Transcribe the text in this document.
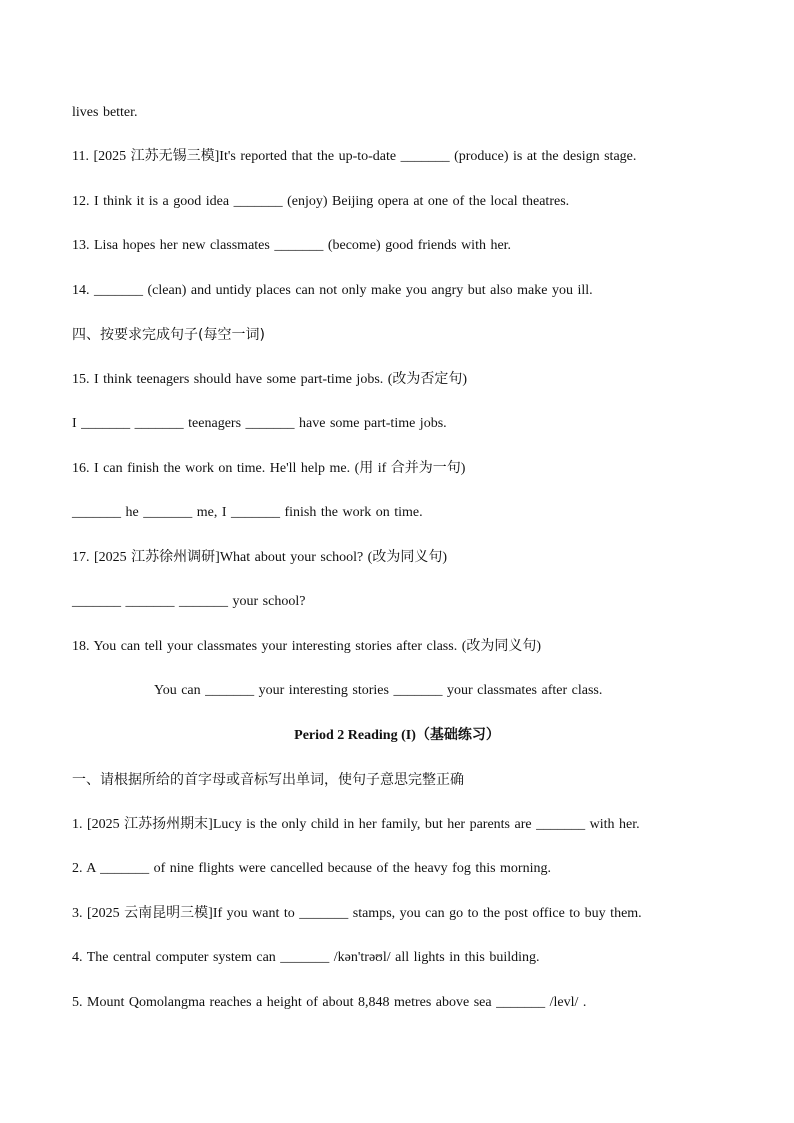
lives better.
11. [2025 江苏无锡三模]It's reported that the up-to-date _______ (produce) is at the design stage.
12. I think it is a good idea _______ (enjoy) Beijing opera at one of the local theatres.
13. Lisa hopes her new classmates _______ (become) good friends with her.
14. _______ (clean) and untidy places can not only make you angry but also make you ill.
四、按要求完成句子(每空一词)
15. I think teenagers should have some part-time jobs. (改为否定句)
I _______ _______ teenagers _______ have some part-time jobs.
16. I can finish the work on time. He'll help me. (用 if 合并为一句)
_______ he _______ me, I _______ finish the work on time.
17. [2025 江苏徐州调研]What about your school? (改为同义句)
_______ _______ _______ your school?
18. You can tell your classmates your interesting stories after class. (改为同义句)
You can _______ your interesting stories _______ your classmates after class.
Period 2 Reading (I)（基础练习）
一、请根据所给的首字母或音标写出单词，使句子意思完整正确
1. [2025 江苏扬州期末]Lucy is the only child in her family, but her parents are _______ with her.
2. A _______ of nine flights were cancelled because of the heavy fog this morning.
3. [2025 云南昆明三模]If you want to _______ stamps, you can go to the post office to buy them.
4. The central computer system can _______ /kən'trəʊl/ all lights in this building.
5. Mount Qomolangma reaches a height of about 8,848 metres above sea _______ /levl/ .
